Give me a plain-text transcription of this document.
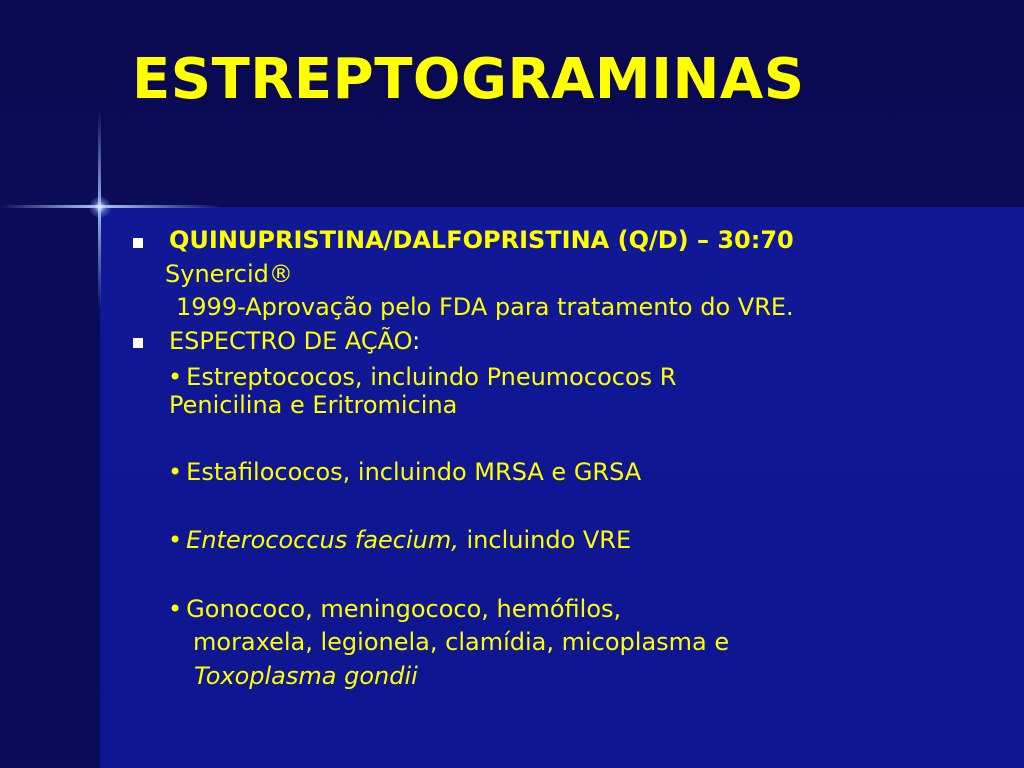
ESTREPTOGRAMINAS
QUINUPRISTINA/DALFOPRISTINA (Q/D) – 30:70
Synercid®
1999-Aprovação pelo FDA para tratamento do VRE.
ESPECTRO DE AÇÃO:
• Estreptococos, incluindo Pneumococos R
Penicilina e Eritromicina
• Estafilococos, incluindo MRSA e GRSA
• Enterococcus faecium, incluindo VRE
• Gonococo, meningococo, hemófilos,
moraxela, legionela, clamídia, micoplasma e
Toxoplasma gondii
